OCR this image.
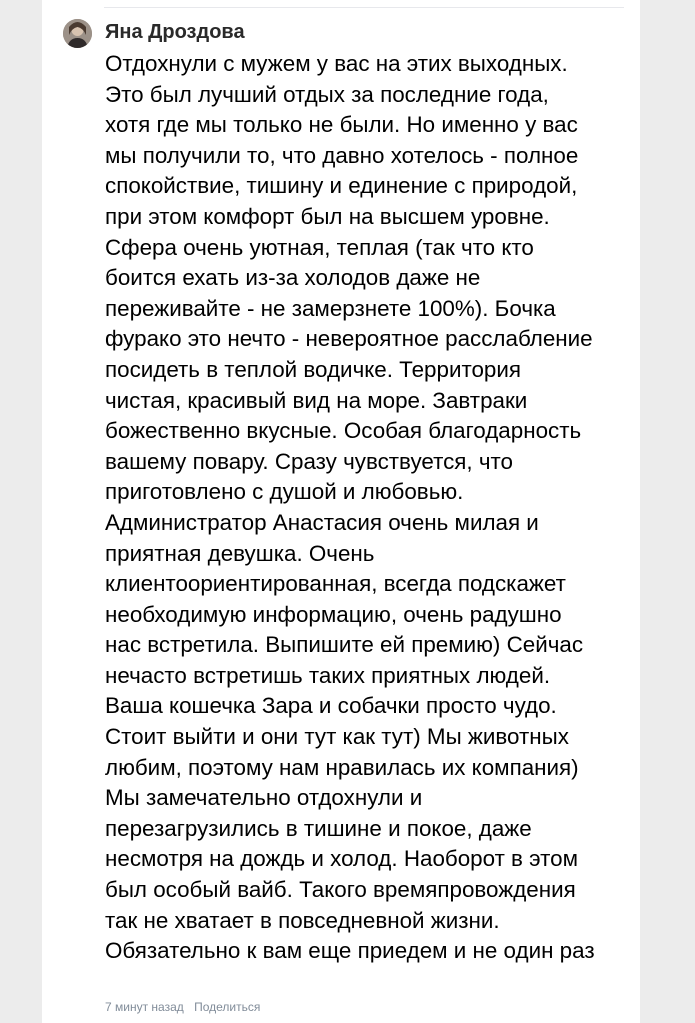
Яна Дроздова

Отдохнули с мужем у вас на этих выходных.
Это был лучший отдых за последние года,
хотя где мы только не были. Но именно у вас
мы получили то, что давно хотелось - полное
спокойствие, тишину и единение с природой,
при этом комфорт был на высшем уровне.
Сфера очень уютная, теплая (так что кто
боится ехать из-за холодов даже не
переживайте - не замерзнете 100%). Бочка
фурако это нечто - невероятное расслабление
посидеть в теплой водичке. Территория
чистая, красивый вид на море. Завтраки
божественно вкусные. Особая благодарность
вашему повару. Сразу чувствуется, что
приготовлено с душой и любовью.
Администратор Анастасия очень милая и
приятная девушка. Очень
клиентоориентированная, всегда подскажет
необходимую информацию, очень радушно
нас встретила. Выпишите ей премию) Сейчас
нечасто встретишь таких приятных людей.
Ваша кошечка Зара и собачки просто чудо.
Стоит выйти и они тут как тут) Мы животных
любим, поэтому нам нравилась их компания)
Мы замечательно отдохнули и
перезагрузились в тишине и покое, даже
несмотря на дождь и холод. Наоборот в этом
был особый вайб. Такого времяпровождения
так не хватает в повседневной жизни.
Обязательно к вам еще приедем и не один раз

7 минут назад Поделиться
